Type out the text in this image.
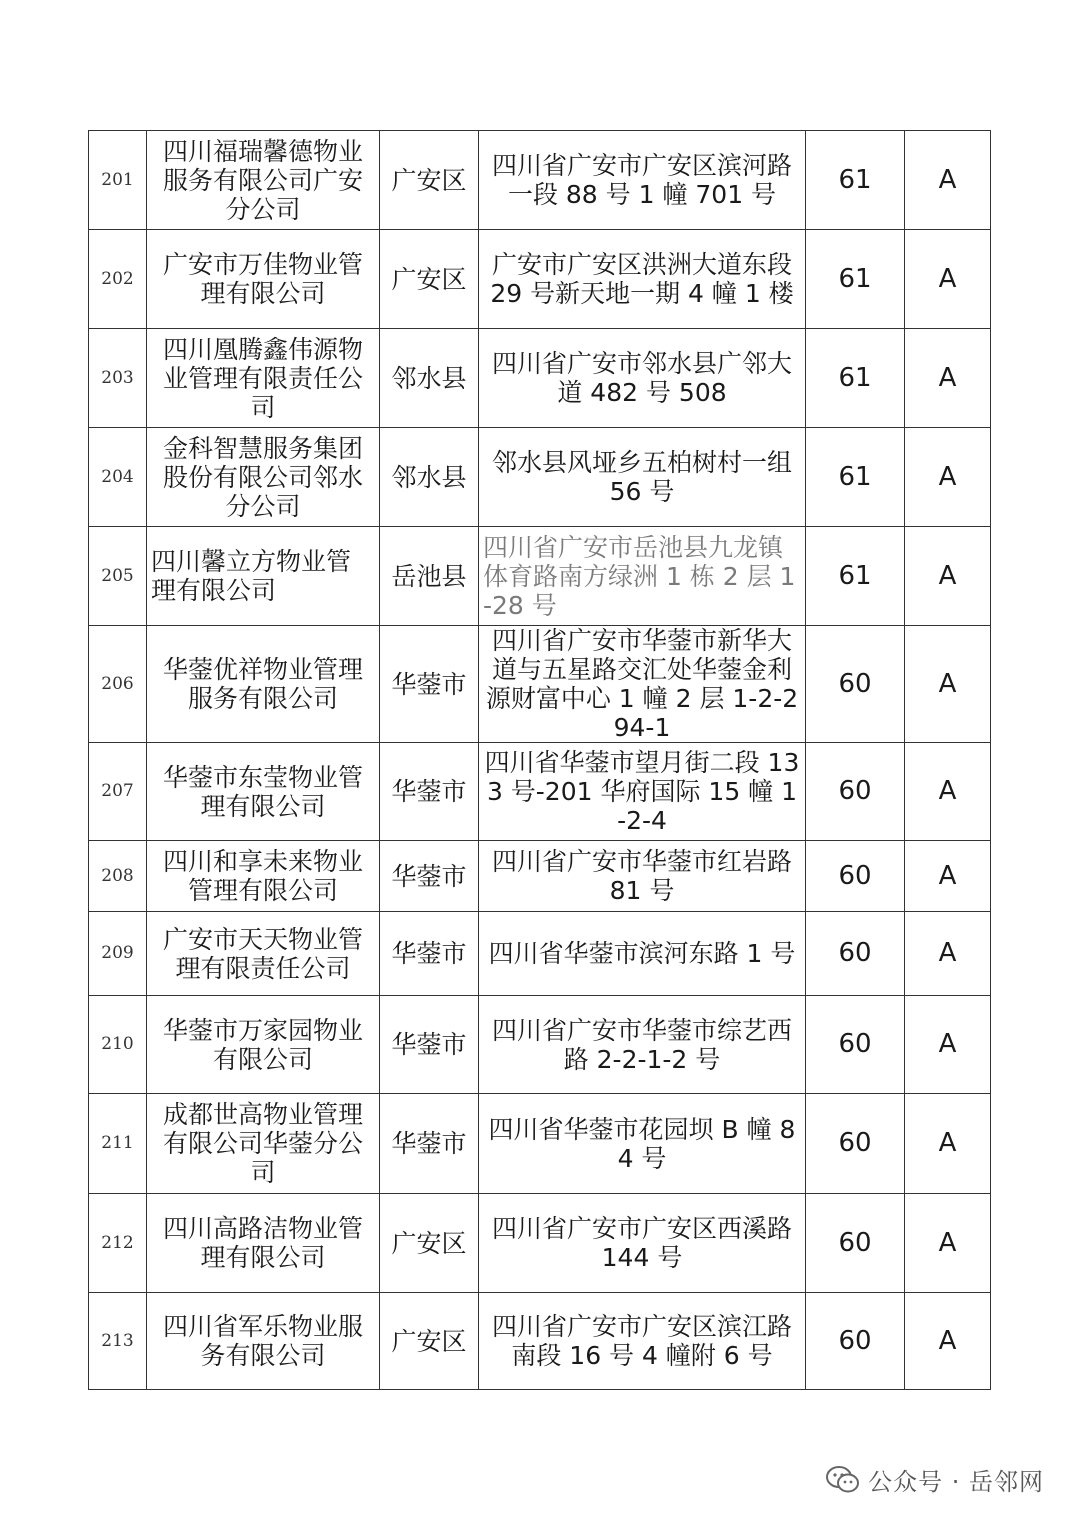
201	四川福瑞馨德物业服务有限公司广安分公司	广安区	四川省广安市广安区滨河路一段 88 号 1 幢 701 号	61	A
202	广安市万佳物业管理有限公司	广安区	广安市广安区洪洲大道东段 29 号新天地一期 4 幢 1 楼	61	A
203	四川凰腾鑫伟源物业管理有限责任公司	邻水县	四川省广安市邻水县广邻大道 482 号 508	61	A
204	金科智慧服务集团股份有限公司邻水分公司	邻水县	邻水县风垭乡五柏树村一组 56 号	61	A
205	四川馨立方物业管理有限公司	岳池县	四川省广安市岳池县九龙镇体育路南方绿洲 1 栋 2 层 1-28 号	61	A
206	华蓥优祥物业管理服务有限公司	华蓥市	四川省广安市华蓥市新华大道与五星路交汇处华蓥金利源财富中心 1 幢 2 层 1-2-294-1	60	A
207	华蓥市东莹物业管理有限公司	华蓥市	四川省华蓥市望月街二段 133 号-201 华府国际 15 幢 1-2-4	60	A
208	四川和享未来物业管理有限公司	华蓥市	四川省广安市华蓥市红岩路 81 号	60	A
209	广安市天天物业管理有限责任公司	华蓥市	四川省华蓥市滨河东路 1 号	60	A
210	华蓥市万家园物业有限公司	华蓥市	四川省广安市华蓥市综艺西路 2-2-1-2 号	60	A
211	成都世高物业管理有限公司华蓥分公司	华蓥市	四川省华蓥市花园坝 B 幢 84 号	60	A
212	四川高路洁物业管理有限公司	广安区	四川省广安市广安区西溪路 144 号	60	A
213	四川省军乐物业服务有限公司	广安区	四川省广安市广安区滨江路南段 16 号 4 幢附 6 号	60	A
公众号 · 岳邻网
